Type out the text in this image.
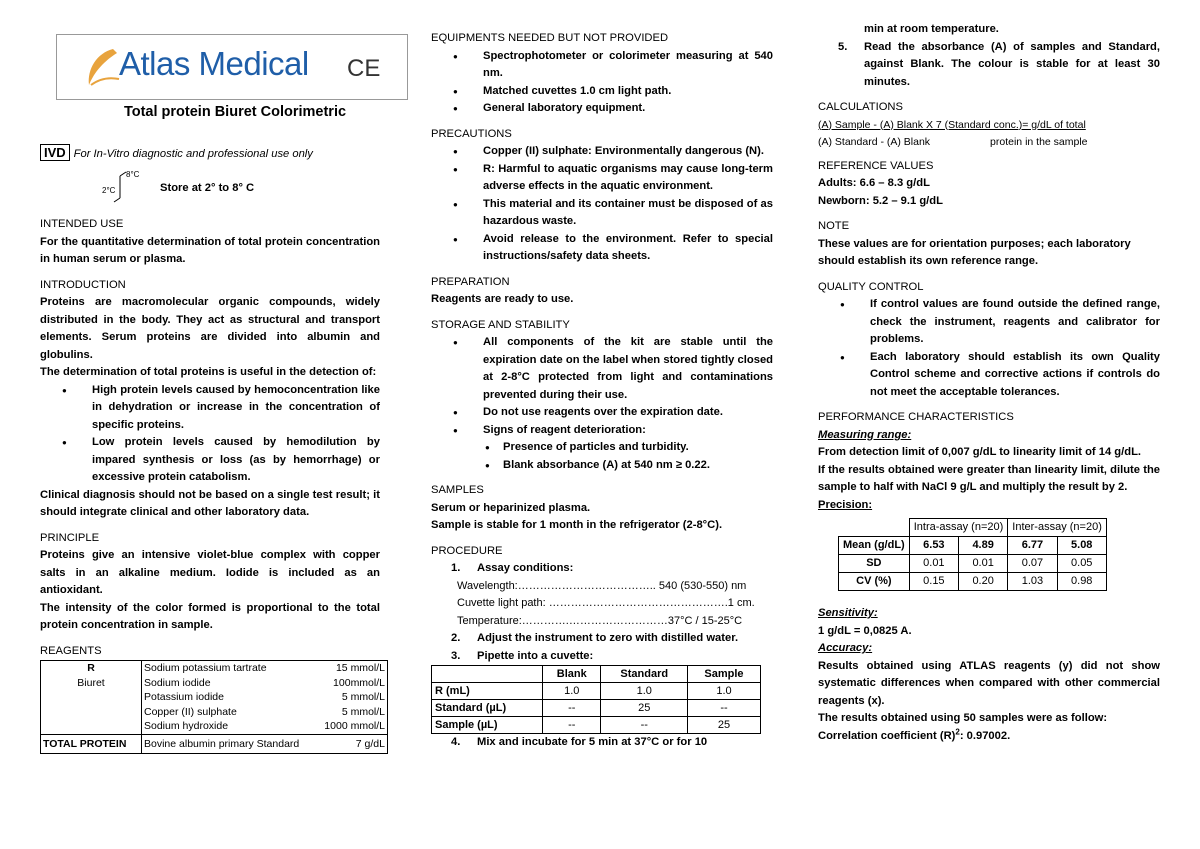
Atlas Medical CE
Total protein Biuret Colorimetric
IVD For In-Vitro diagnostic and professional use only
8°C
2°C	Store at 2° to 8° C
INTENDED USE
For the quantitative determination of total protein concentration in human serum or plasma.
INTRODUCTION
Proteins are macromolecular organic compounds, widely distributed in the body. They act as structural and transport elements. Serum proteins are divided into albumin and globulins.
The determination of total proteins is useful in the detection of:
● High protein levels caused by hemoconcentration like in dehydration or increase in the concentration of specific proteins.
● Low protein levels caused by hemodilution by impared synthesis or loss (as by hemorrhage) or excessive protein catabolism.
Clinical diagnosis should not be based on a single test result; it should integrate clinical and other laboratory data.
PRINCIPLE
Proteins give an intensive violet-blue complex with copper salts in an alkaline medium. Iodide is included as an antioxidant.
The intensity of the color formed is proportional to the total protein concentration in sample.
REAGENTS
R
Biuret	Sodium potassium tartrate	15 mmol/L
	Sodium iodide	100mmol/L
	Potassium iodide	5 mmol/L
	Copper (II) sulphate	5 mmol/L
	Sodium hydroxide	1000 mmol/L
TOTAL PROTEIN	Bovine albumin primary Standard	7 g/dL
EQUIPMENTS NEEDED BUT NOT PROVIDED
● Spectrophotometer or colorimeter measuring at 540 nm.
● Matched cuvettes 1.0 cm light path.
● General laboratory equipment.
PRECAUTIONS
● Copper (II) sulphate: Environmentally dangerous (N).
● R: Harmful to aquatic organisms may cause long-term adverse effects in the aquatic environment.
● This material and its container must be disposed of as hazardous waste.
● Avoid release to the environment. Refer to special instructions/safety data sheets.
PREPARATION
Reagents are ready to use.
STORAGE AND STABILITY
● All components of the kit are stable until the expiration date on the label when stored tightly closed at 2-8°C protected from light and contaminations prevented during their use.
● Do not use reagents over the expiration date.
● Signs of reagent deterioration:
● Presence of particles and turbidity.
● Blank absorbance (A) at 540 nm ≥ 0.22.
SAMPLES
Serum or heparinized plasma.
Sample is stable for 1 month in the refrigerator (2-8°C).
PROCEDURE
1. Assay conditions:
Wavelength:……………………………….. 540 (530-550) nm
Cuvette light path: ………………………………………….1 cm.
Temperature:………….………………………37°C / 15-25°C
2. Adjust the instrument to zero with distilled water.
3. Pipette into a cuvette:
	Blank	Standard	Sample
R (mL)	1.0	1.0	1.0
Standard (µL)	--	25	--
Sample (µL)	--	--	25
4. Mix and incubate for 5 min at 37°C or for 10
min at room temperature.
5. Read the absorbance (A) of samples and Standard, against Blank. The colour is stable for at least 30 minutes.
CALCULATIONS
(A) Sample - (A) Blank X 7 (Standard conc.)= g/dL of total
(A) Standard - (A) Blank	protein in the sample
REFERENCE VALUES
Adults: 6.6 – 8.3 g/dL
Newborn: 5.2 – 9.1 g/dL
NOTE
These values are for orientation purposes; each laboratory should establish its own reference range.
QUALITY CONTROL
● If control values are found outside the defined range, check the instrument, reagents and calibrator for problems.
● Each laboratory should establish its own Quality Control scheme and corrective actions if controls do not meet the acceptable tolerances.
PERFORMANCE CHARACTERISTICS
Measuring range:
From detection limit of 0,007 g/dL to linearity limit of 14 g/dL.
If the results obtained were greater than linearity limit, dilute the sample to half with NaCl 9 g/L and multiply the result by 2.
Precision:
	Intra-assay (n=20)		Inter-assay (n=20)	
Mean (g/dL)	6.53	4.89	6.77	5.08
SD	0.01	0.01	0.07	0.05
CV (%)	0.15	0.20	1.03	0.98
Sensitivity:
1 g/dL = 0,0825 A.
Accuracy:
Results obtained using ATLAS reagents (y) did not show systematic differences when compared with other commercial reagents (x).
The results obtained using 50 samples were as follow:
Correlation coefficient $(R)^2$: 0.97002.
